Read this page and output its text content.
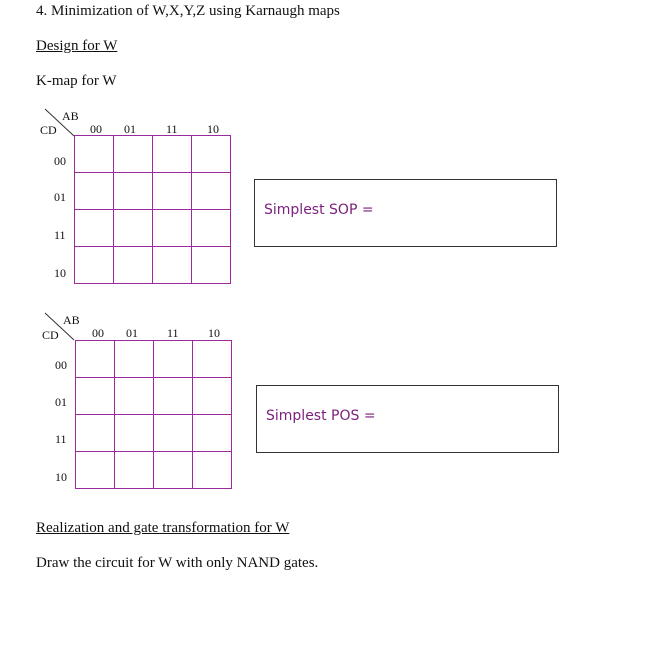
4. Minimization of W,X,Y,Z using Karnaugh maps
Design for W
K-map for W
AB
CD	00 01	11 10
00
01
11
10

Simplest SOP =
AB
CD	00 01 11 10
00
01
11
10

Simplest POS =
Realization and gate transformation for W
Draw the circuit for W with only NAND gates.
